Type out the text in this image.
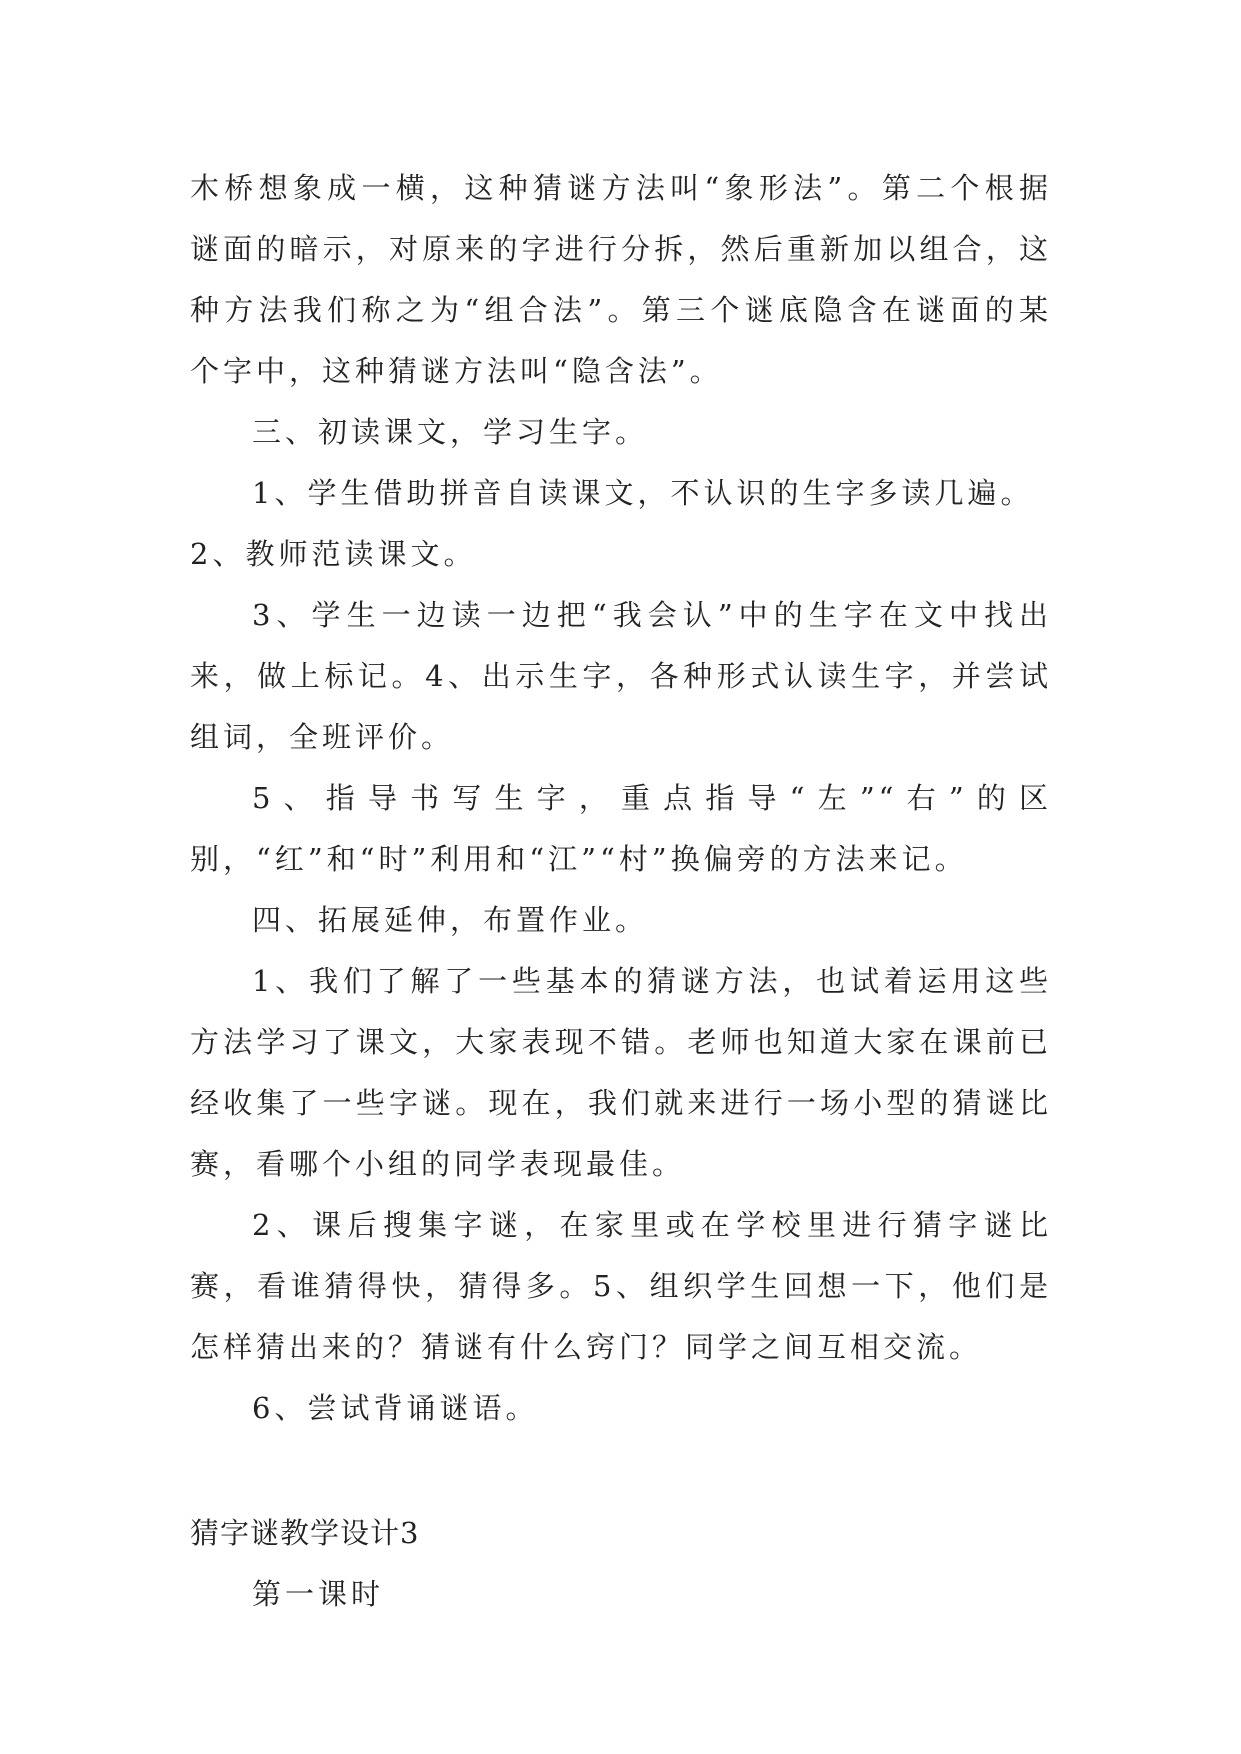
木桥想象成一横，这种猜谜方法叫“象形法”。第二个根据谜面的暗示，对原来的字进行分拆，然后重新加以组合，这种方法我们称之为“组合法”。第三个谜底隐含在谜面的某个字中，这种猜谜方法叫“隐含法”。

三、初读课文，学习生字。

1、学生借助拼音自读课文，不认识的生字多读几遍。

2、教师范读课文。

3、学生一边读一边把“我会认”中的生字在文中找出来，做上标记。4、出示生字，各种形式认读生字，并尝试组词，全班评价。

5、指导书写生字，重点指导“左”“右”的区别，“红”和“时”利用和“江”“村”换偏旁的方法来记。

四、拓展延伸，布置作业。

1、我们了解了一些基本的猜谜方法，也试着运用这些方法学习了课文，大家表现不错。老师也知道大家在课前已经收集了一些字谜。现在，我们就来进行一场小型的猜谜比赛，看哪个小组的同学表现最佳。

2、课后搜集字谜，在家里或在学校里进行猜字谜比赛，看谁猜得快，猜得多。5、组织学生回想一下，他们是怎样猜出来的？猜谜有什么窍门？同学之间互相交流。

6、尝试背诵谜语。

猜字谜教学设计3

第一课时
